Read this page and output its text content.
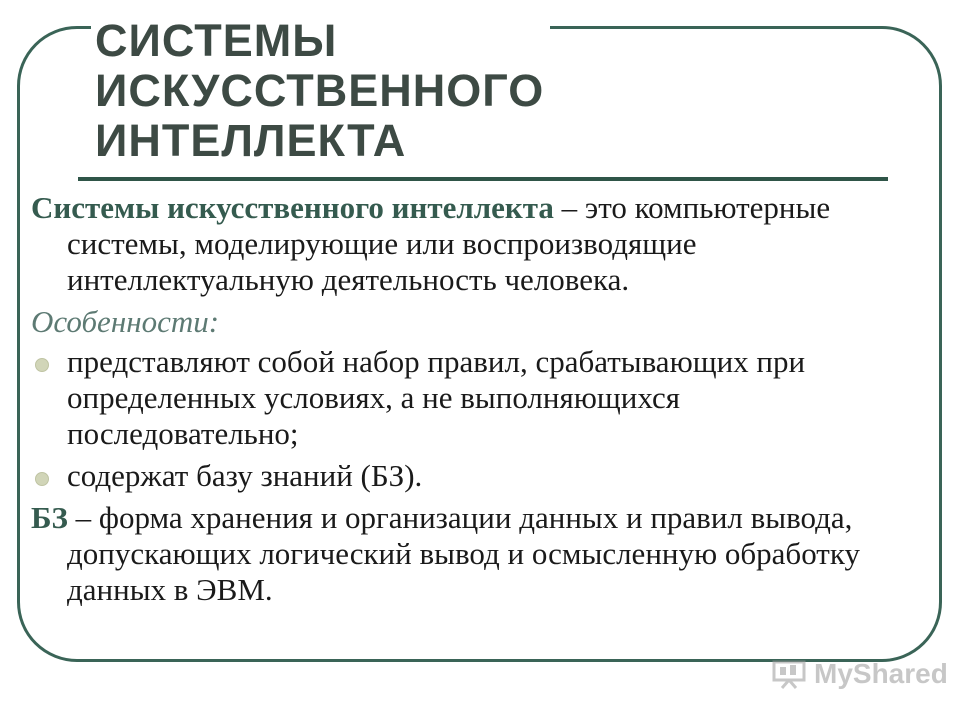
СИСТЕМЫ
ИСКУССТВЕННОГО
ИНТЕЛЛЕКТА

Системы искусственного интеллекта – это компьютерные системы, моделирующие или воспроизводящие интеллектуальную деятельность человека.

Особенности:

представляют собой набор правил, срабатывающих при определенных условиях, а не выполняющихся последовательно;
содержат базу знаний (БЗ).

БЗ – форма хранения и организации данных и правил вывода, допускающих логический вывод и осмысленную обработку данных в ЭВМ.

MyShared
